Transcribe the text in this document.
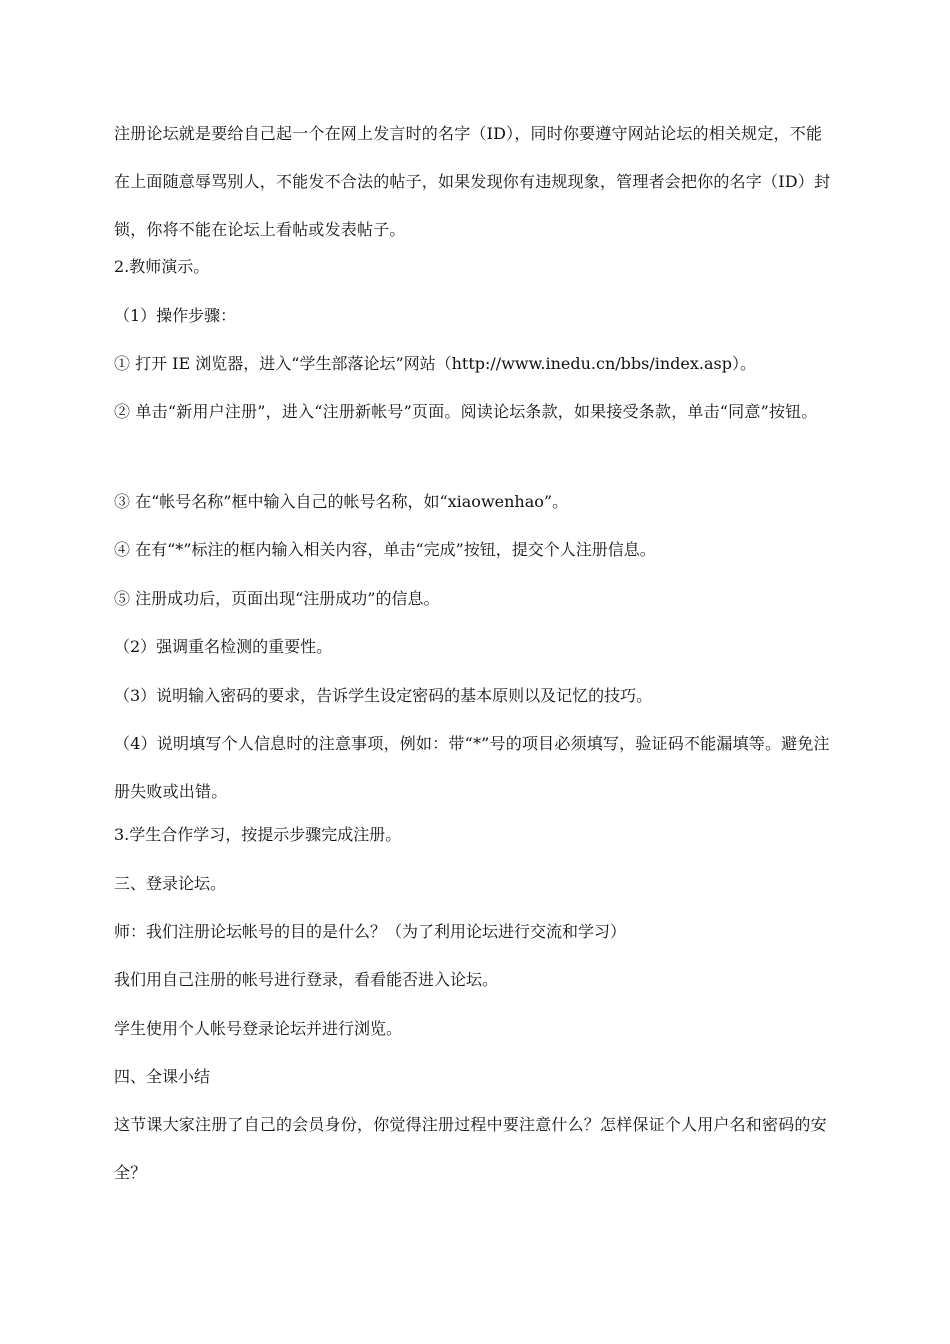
注册论坛就是要给自己起一个在网上发言时的名字（ID），同时你要遵守网站论坛的相关规定，不能在上面随意辱骂别人，不能发不合法的帖子，如果发现你有违规现象，管理者会把你的名字（ID）封锁，你将不能在论坛上看帖或发表帖子。

2.教师演示。

（1）操作步骤：

① 打开 IE 浏览器，进入“学生部落论坛”网站（http://www.inedu.cn/bbs/index.asp）。

② 单击“新用户注册”，进入“注册新帐号”页面。阅读论坛条款，如果接受条款，单击“同意”按钮。

③ 在“帐号名称”框中输入自己的帐号名称，如“xiaowenhao”。

④ 在有“*”标注的框内输入相关内容，单击“完成”按钮，提交个人注册信息。

⑤ 注册成功后，页面出现“注册成功”的信息。

（2）强调重名检测的重要性。

（3）说明输入密码的要求，告诉学生设定密码的基本原则以及记忆的技巧。

（4）说明填写个人信息时的注意事项，例如：带“*”号的项目必须填写，验证码不能漏填等。避免注册失败或出错。

3.学生合作学习，按提示步骤完成注册。

三、登录论坛。

师：我们注册论坛帐号的目的是什么？（为了利用论坛进行交流和学习）

我们用自己注册的帐号进行登录，看看能否进入论坛。

学生使用个人帐号登录论坛并进行浏览。

四、全课小结

这节课大家注册了自己的会员身份，你觉得注册过程中要注意什么？怎样保证个人用户名和密码的安全？
